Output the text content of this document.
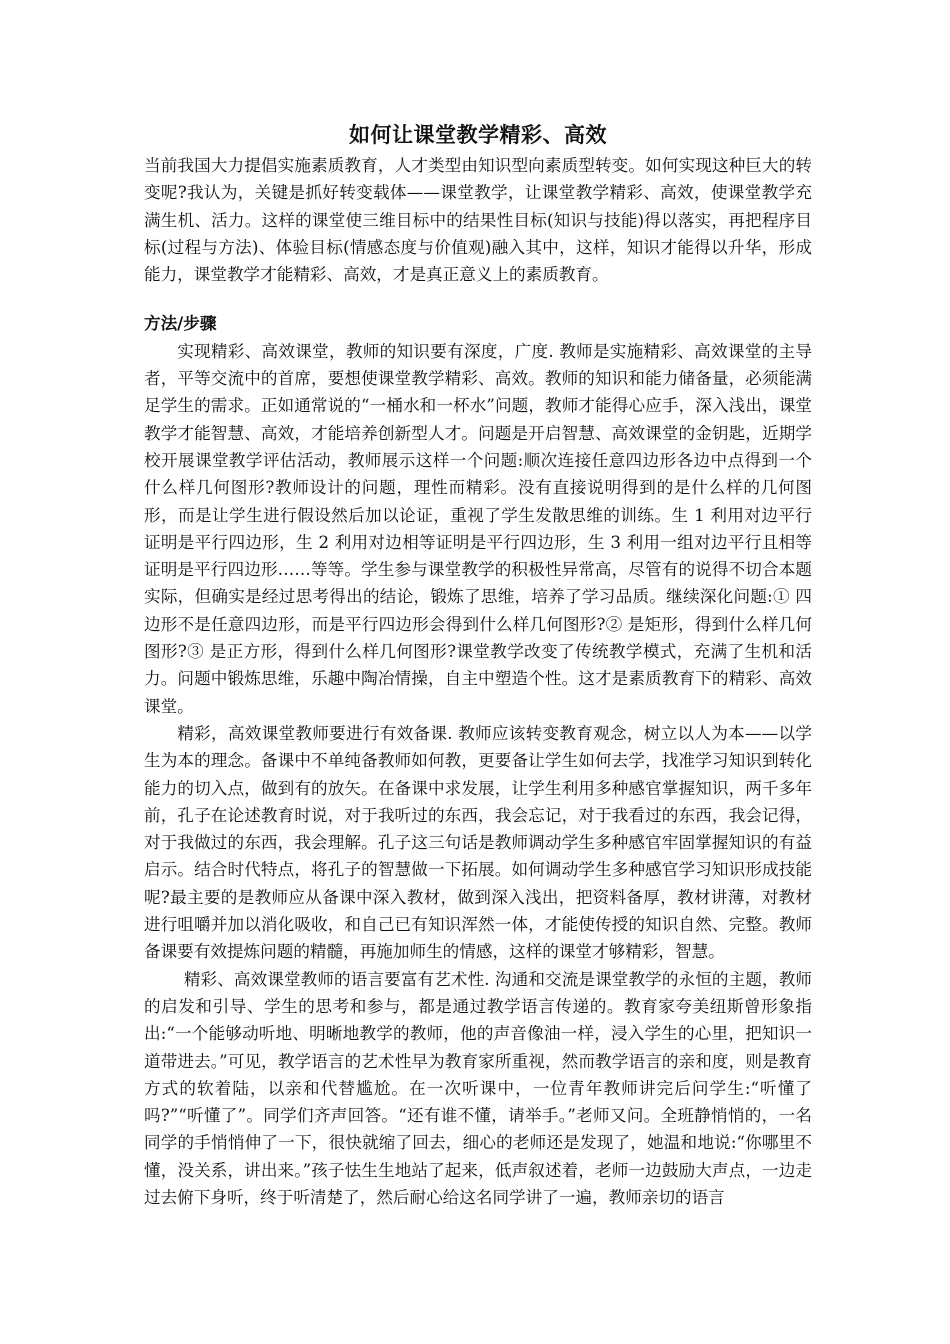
如何让课堂教学精彩、高效

当前我国大力提倡实施素质教育，人才类型由知识型向素质型转变。如何实现这种巨大的转变呢?我认为，关键是抓好转变载体——课堂教学，让课堂教学精彩、高效，使课堂教学充满生机、活力。这样的课堂使三维目标中的结果性目标(知识与技能)得以落实，再把程序目标(过程与方法)、体验目标(情感态度与价值观)融入其中，这样，知识才能得以升华，形成能力，课堂教学才能精彩、高效，才是真正意义上的素质教育。

方法/步骤

实现精彩、高效课堂，教师的知识要有深度，广度. 教师是实施精彩、高效课堂的主导者，平等交流中的首席，要想使课堂教学精彩、高效。教师的知识和能力储备量，必须能满足学生的需求。正如通常说的“一桶水和一杯水”问题，教师才能得心应手，深入浅出，课堂教学才能智慧、高效，才能培养创新型人才。问题是开启智慧、高效课堂的金钥匙，近期学校开展课堂教学评估活动，教师展示这样一个问题:顺次连接任意四边形各边中点得到一个什么样几何图形?教师设计的问题，理性而精彩。没有直接说明得到的是什么样的几何图形，而是让学生进行假设然后加以论证，重视了学生发散思维的训练。生 1 利用对边平行证明是平行四边形，生 2 利用对边相等证明是平行四边形，生 3 利用一组对边平行且相等证明是平行四边形……等等。学生参与课堂教学的积极性异常高，尽管有的说得不切合本题实际，但确实是经过思考得出的结论，锻炼了思维，培养了学习品质。继续深化问题:① 四边形不是任意四边形，而是平行四边形会得到什么样几何图形?② 是矩形，得到什么样几何图形?③ 是正方形，得到什么样几何图形?课堂教学改变了传统教学模式，充满了生机和活力。问题中锻炼思维，乐趣中陶冶情操，自主中塑造个性。这才是素质教育下的精彩、高效课堂。

精彩，高效课堂教师要进行有效备课. 教师应该转变教育观念，树立以人为本——以学生为本的理念。备课中不单纯备教师如何教，更要备让学生如何去学，找准学习知识到转化能力的切入点，做到有的放矢。在备课中求发展，让学生利用多种感官掌握知识，两千多年前，孔子在论述教育时说，对于我听过的东西，我会忘记，对于我看过的东西，我会记得，对于我做过的东西，我会理解。孔子这三句话是教师调动学生多种感官牢固掌握知识的有益启示。结合时代特点，将孔子的智慧做一下拓展。如何调动学生多种感官学习知识形成技能呢?最主要的是教师应从备课中深入教材，做到深入浅出，把资料备厚，教材讲薄，对教材进行咀嚼并加以消化吸收，和自己已有知识浑然一体，才能使传授的知识自然、完整。教师备课要有效提炼问题的精髓，再施加师生的情感，这样的课堂才够精彩，智慧。

精彩、高效课堂教师的语言要富有艺术性. 沟通和交流是课堂教学的永恒的主题，教师的启发和引导、学生的思考和参与，都是通过教学语言传递的。教育家夸美纽斯曾形象指出:“一个能够动听地、明晰地教学的教师，他的声音像油一样，浸入学生的心里，把知识一道带进去。”可见，教学语言的艺术性早为教育家所重视，然而教学语言的亲和度，则是教育方式的软着陆，以亲和代替尴尬。在一次听课中，一位青年教师讲完后问学生:“听懂了吗?”“听懂了”。同学们齐声回答。“还有谁不懂，请举手。”老师又问。全班静悄悄的，一名同学的手悄悄伸了一下，很快就缩了回去，细心的老师还是发现了，她温和地说:“你哪里不懂，没关系，讲出来。”孩子怯生生地站了起来，低声叙述着，老师一边鼓励大声点，一边走过去俯下身听，终于听清楚了，然后耐心给这名同学讲了一遍，教师亲切的语言
